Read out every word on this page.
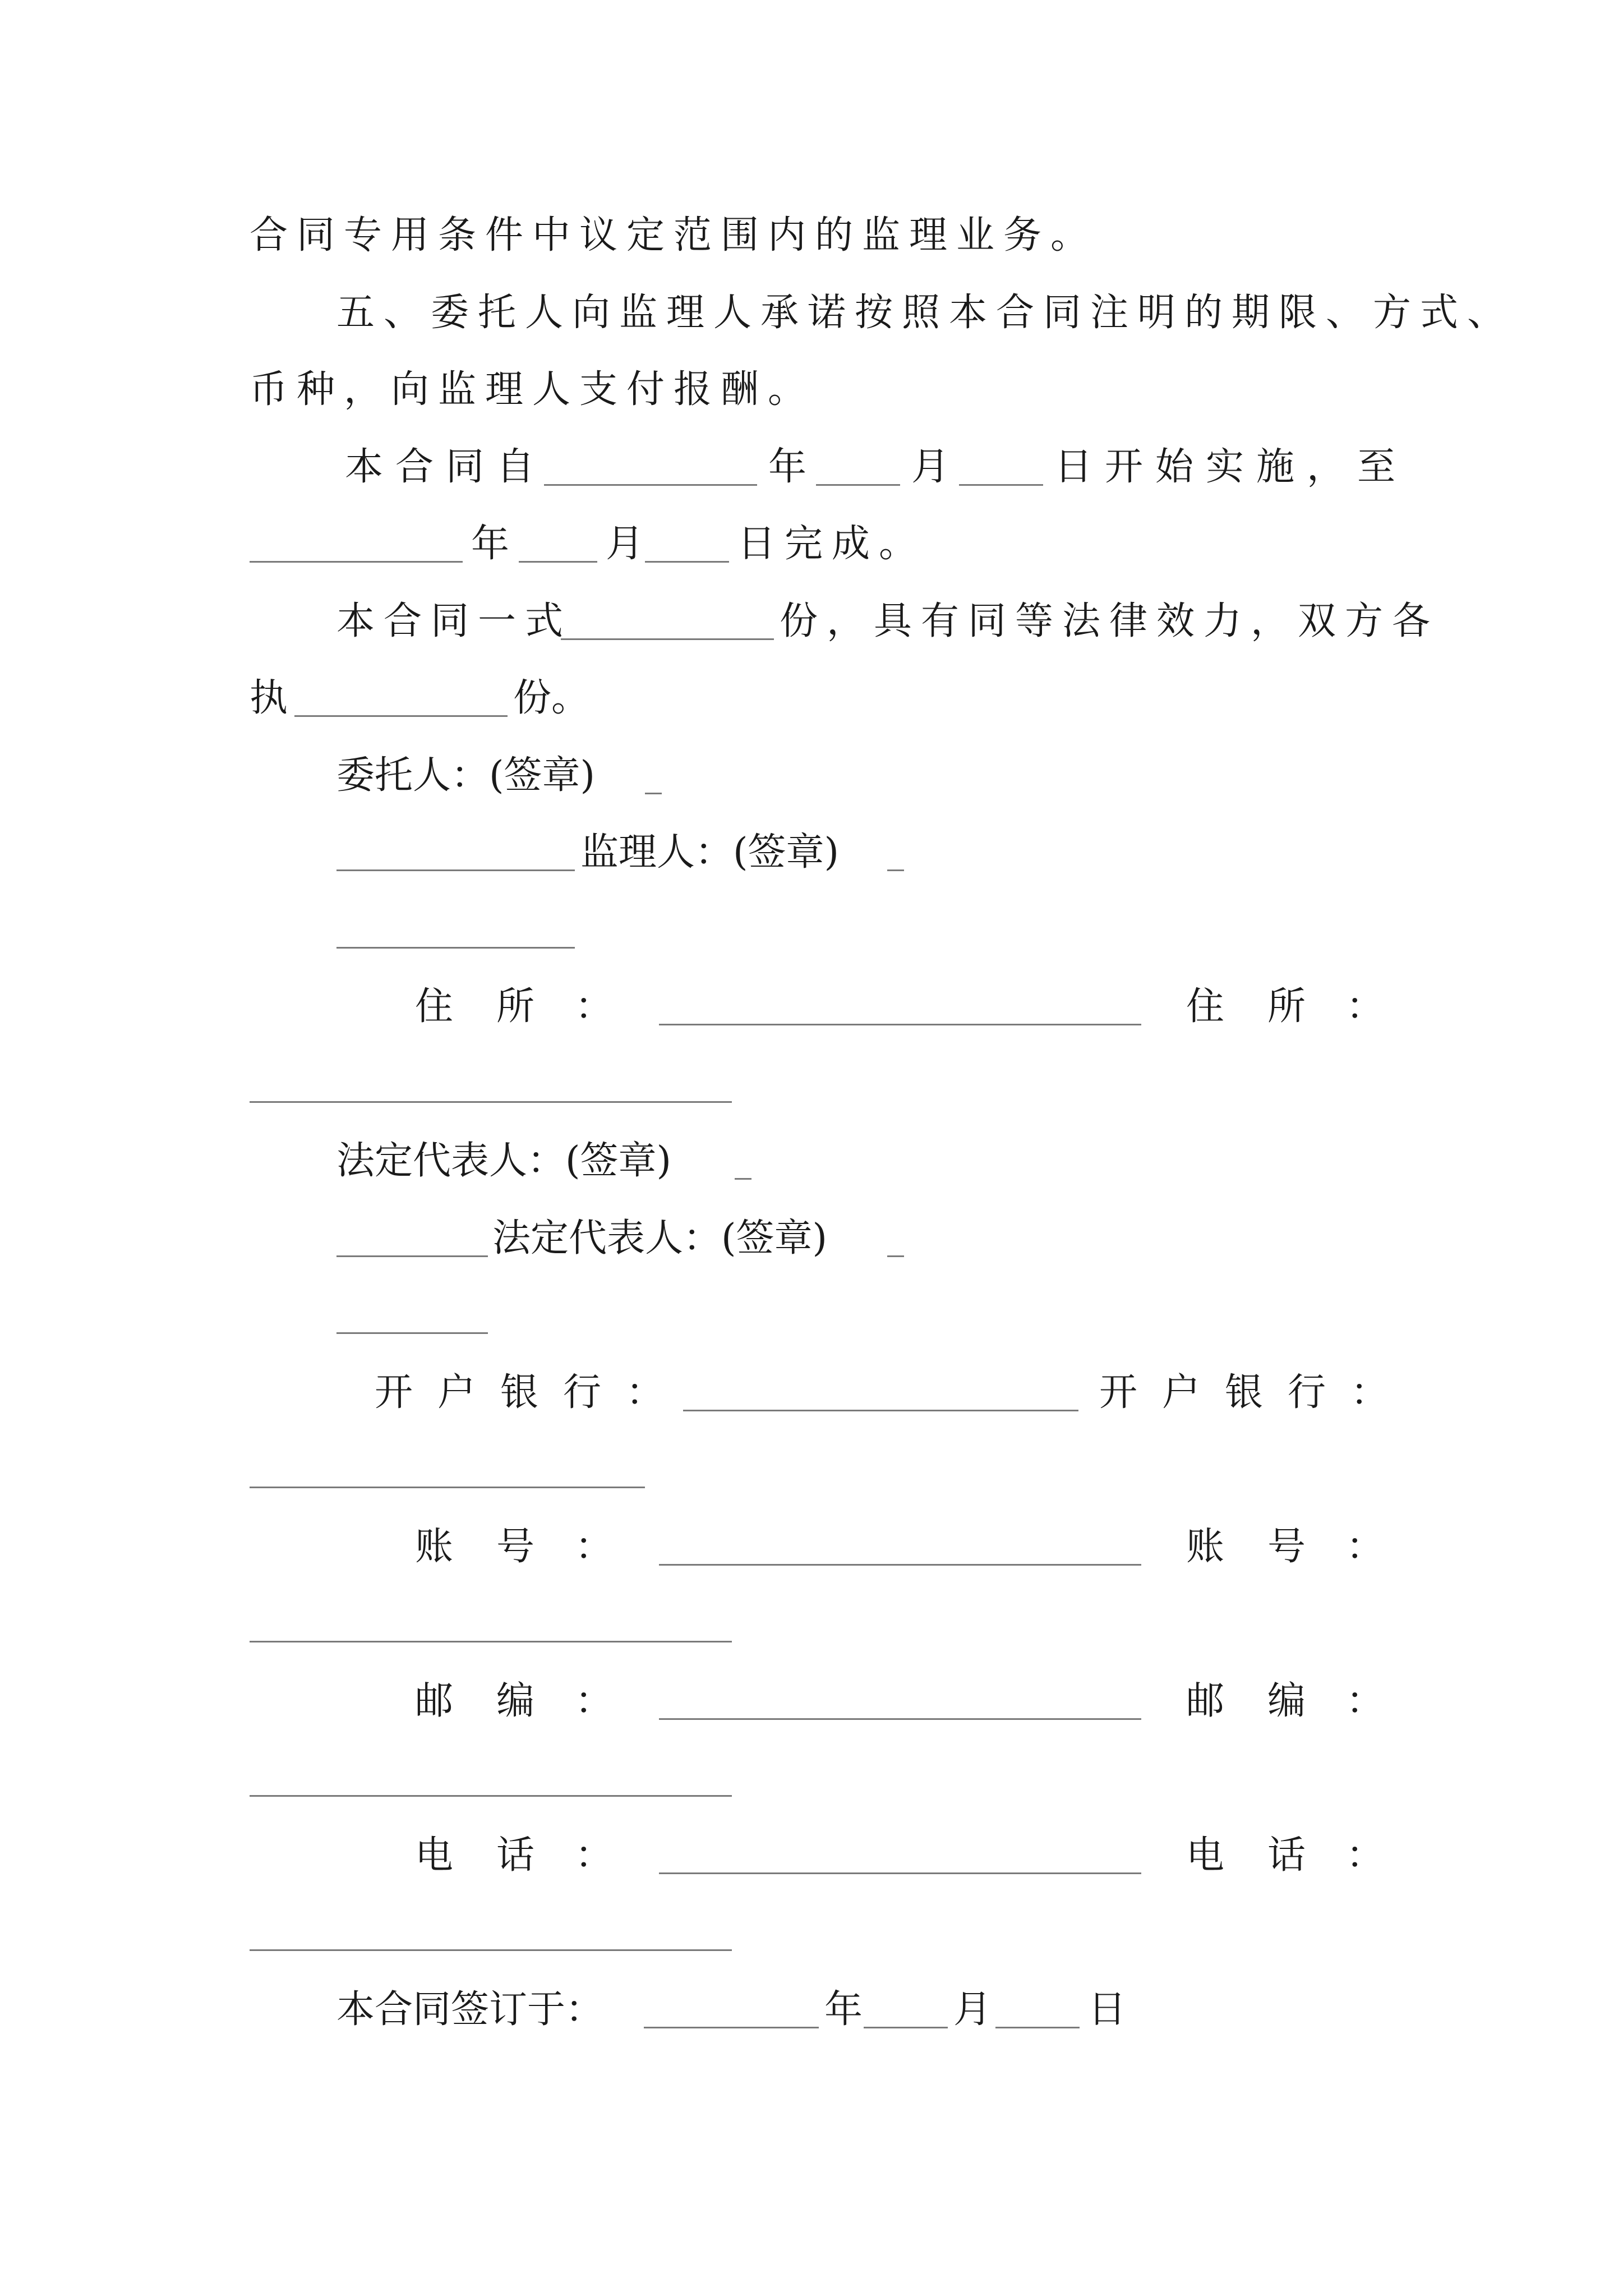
合同专用条件中议定范围内的监理业务。
五、委托人向监理人承诺按照本合同注明的期限、方式、
币种，向监理人支付报酬。
本合同自	年	月	日开始实施，至
年	月 日完成。
本合同一式	份，具有同等法律效力，双方各
执	份。
委托人：(签章)
监理人：(签章)
住 所 ：	住 所 ：
法定代表人：(签章)
法定代表人：(签章)
开户银行：	开户银行：
账 号 ：	账 号 ：
邮 编 ：	邮 编 ：
电 话 ：	电 话 ：
本合同签订于：	年 月	日
